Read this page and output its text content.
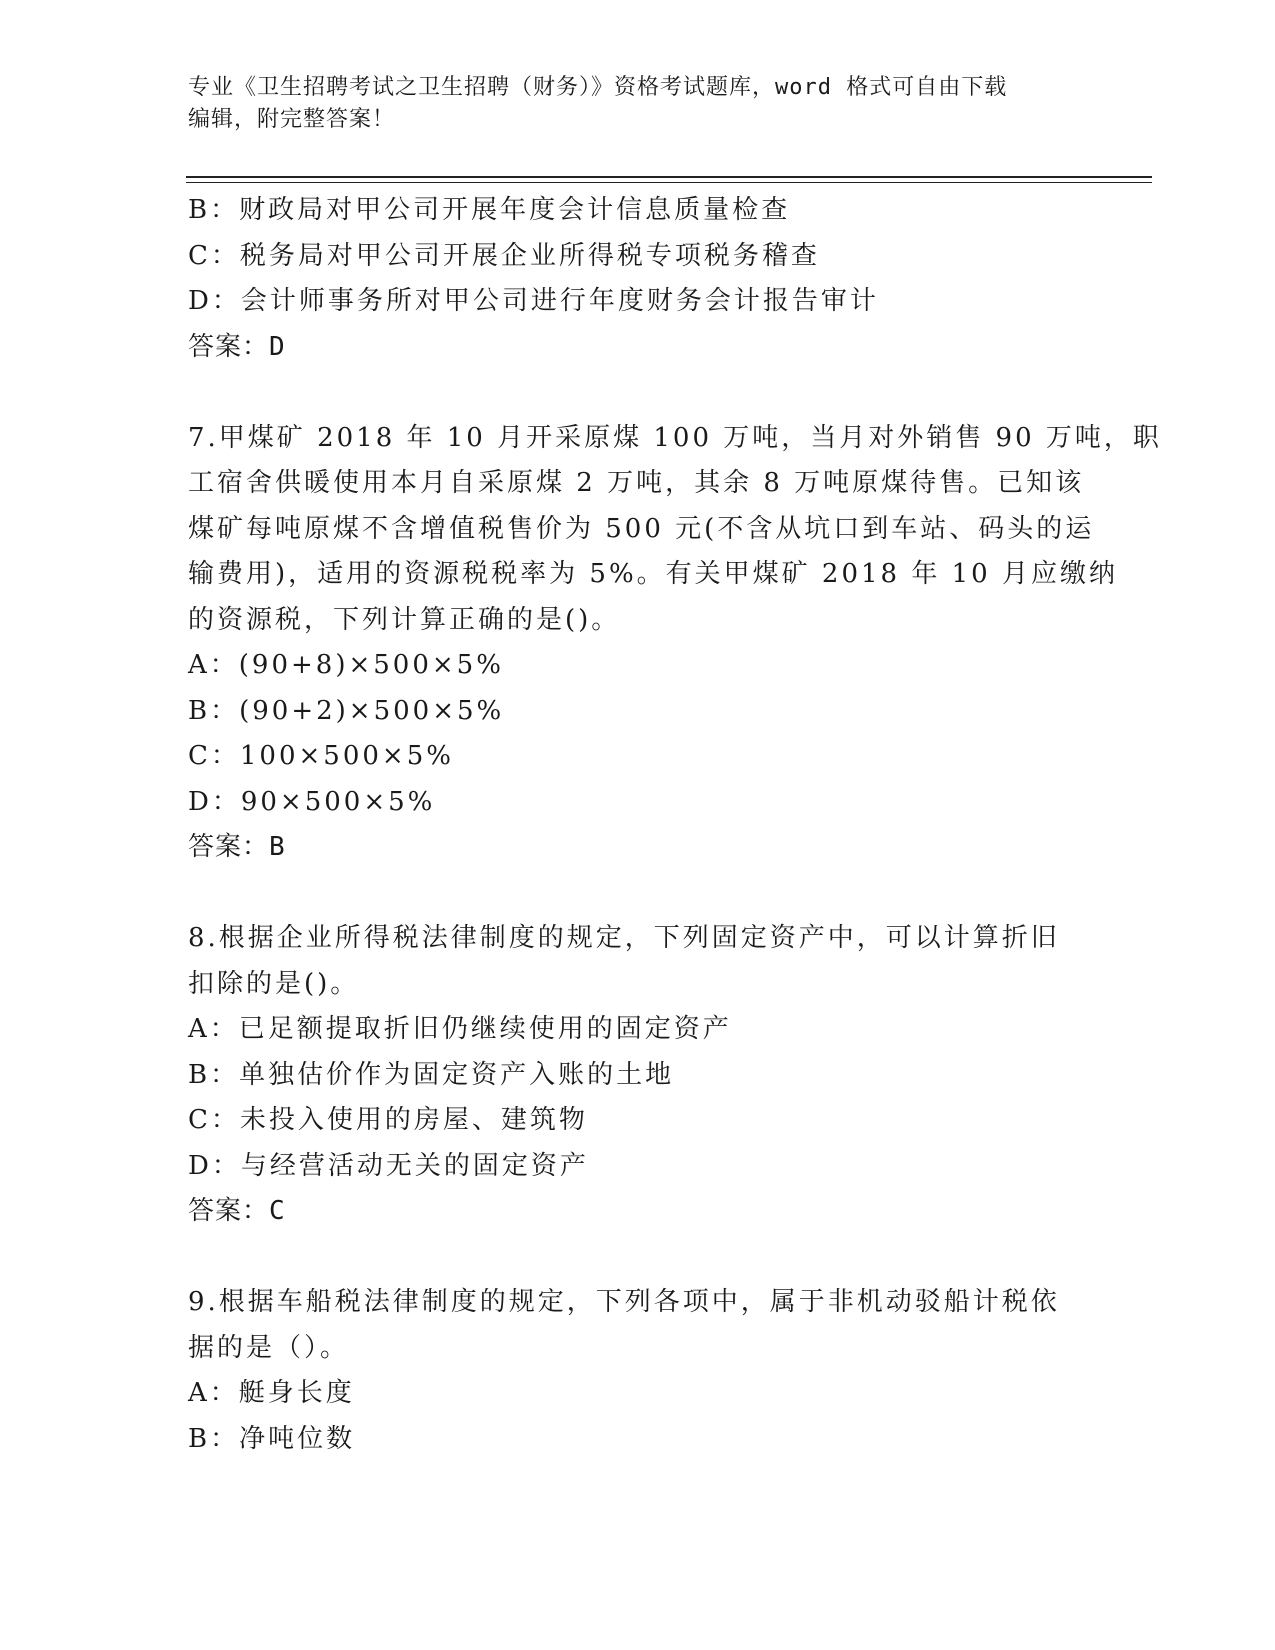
专业《卫生招聘考试之卫生招聘（财务）》资格考试题库，word 格式可自由下载
编辑，附完整答案！
B：财政局对甲公司开展年度会计信息质量检查
C：税务局对甲公司开展企业所得税专项税务稽查
D：会计师事务所对甲公司进行年度财务会计报告审计
答案：D
7.甲煤矿 2018 年 10 月开采原煤 100 万吨，当月对外销售 90 万吨，职
工宿舍供暖使用本月自采原煤 2 万吨，其余 8 万吨原煤待售。已知该
煤矿每吨原煤不含增值税售价为 500 元(不含从坑口到车站、码头的运
输费用)，适用的资源税税率为 5%。有关甲煤矿 2018 年 10 月应缴纳
的资源税，下列计算正确的是()。
A：(90+8)×500×5%
B：(90+2)×500×5%
C：100×500×5%
D：90×500×5%
答案：B
8.根据企业所得税法律制度的规定，下列固定资产中，可以计算折旧
扣除的是()。
A：已足额提取折旧仍继续使用的固定资产
B：单独估价作为固定资产入账的土地
C：未投入使用的房屋、建筑物
D：与经营活动无关的固定资产
答案：C
9.根据车船税法律制度的规定，下列各项中，属于非机动驳船计税依
据的是（）。
A：艇身长度
B：净吨位数
